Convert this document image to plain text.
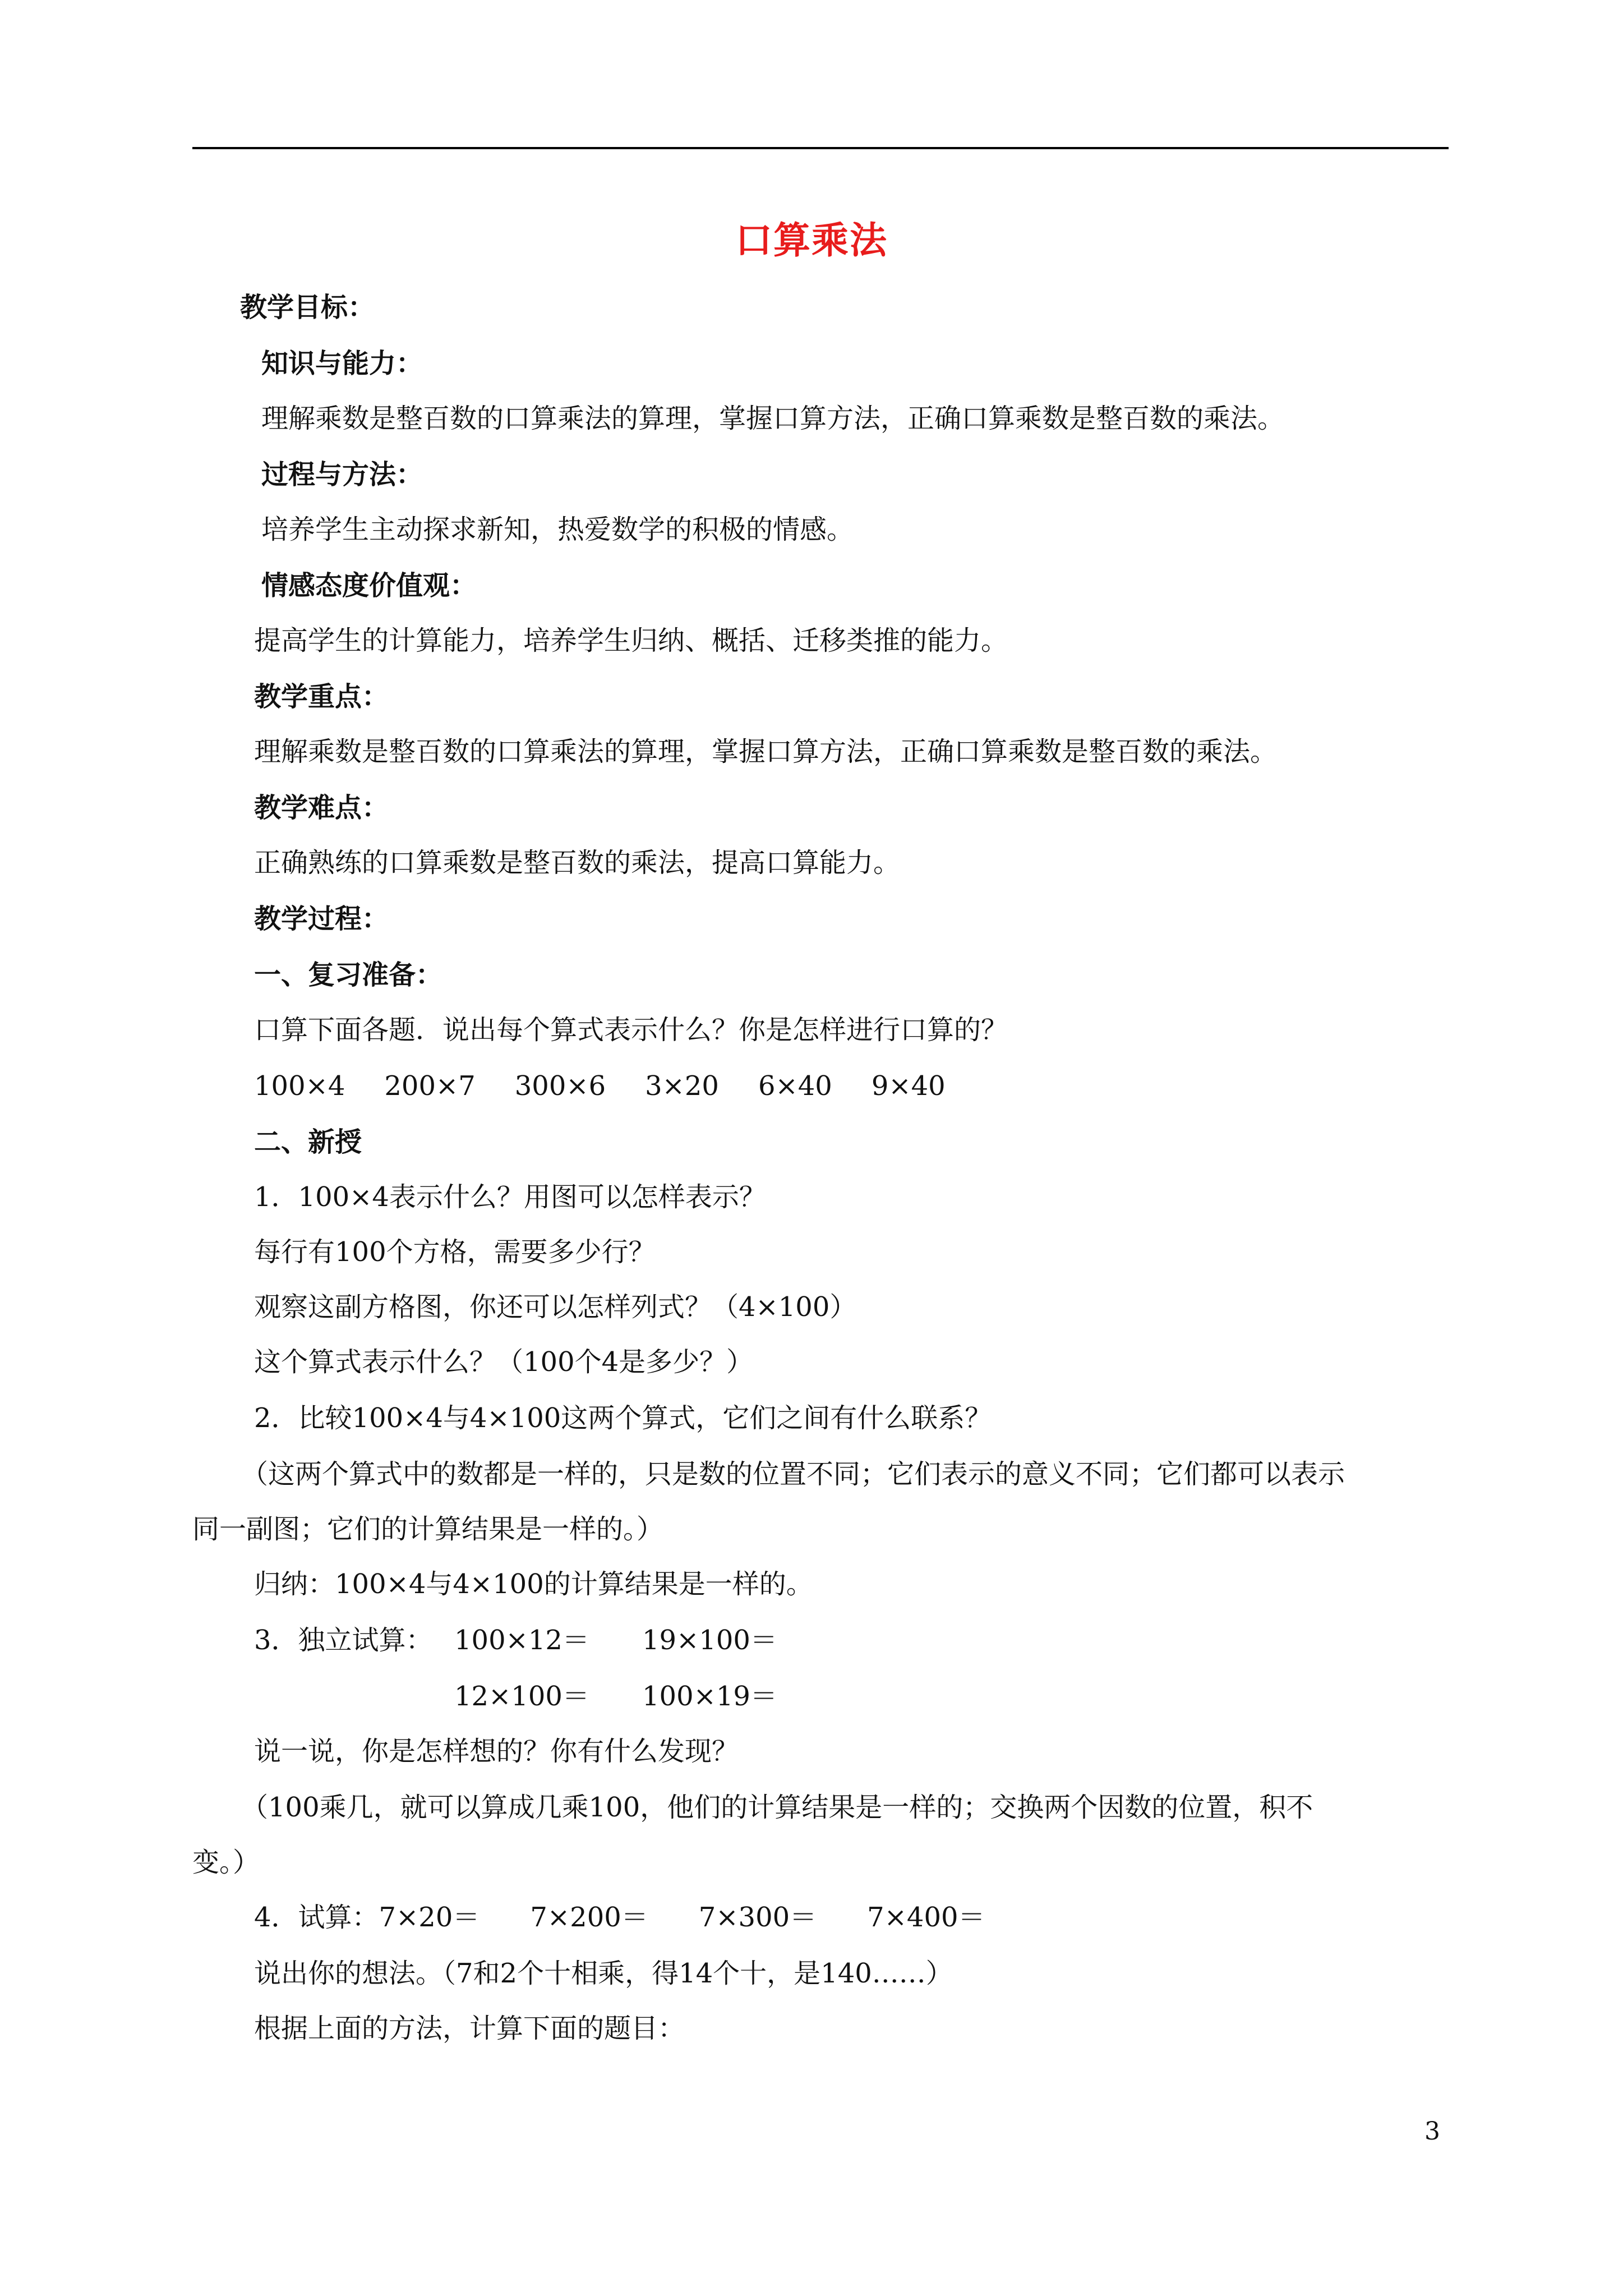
口算乘法
教学目标：
知识与能力：
理解乘数是整百数的口算乘法的算理，掌握口算方法，正确口算乘数是整百数的乘法。
过程与方法：
培养学生主动探求新知，热爱数学的积极的情感。
情感态度价值观：
提高学生的计算能力，培养学生归纳、概括、迁移类推的能力。
教学重点：
理解乘数是整百数的口算乘法的算理，掌握口算方法，正确口算乘数是整百数的乘法。
教学难点：
正确熟练的口算乘数是整百数的乘法，提高口算能力。
教学过程：
一、复习准备：
口算下面各题．说出每个算式表示什么？你是怎样进行口算的？
100×4 200×7 300×6 3×20 6×40 9×40
二、新授
1．100×4表示什么？用图可以怎样表示？
每行有100个方格，需要多少行？
观察这副方格图，你还可以怎样列式？（4×100）
这个算式表示什么？（100个4是多少？）
2．比较100×4与4×100这两个算式，它们之间有什么联系？
（这两个算式中的数都是一样的，只是数的位置不同；它们表示的意义不同；它们都可以表示
同一副图；它们的计算结果是一样的。）
归纳：100×4与4×100的计算结果是一样的。
3．独立试算： 100×12＝ 19×100＝
12×100＝ 100×19＝
说一说，你是怎样想的？你有什么发现？
（100乘几，就可以算成几乘100，他们的计算结果是一样的；交换两个因数的位置，积不
变。）
4．试算：7×20＝ 7×200＝ 7×300＝ 7×400＝
说出你的想法。（7和2个十相乘，得14个十，是140……）
根据上面的方法，计算下面的题目：
3
